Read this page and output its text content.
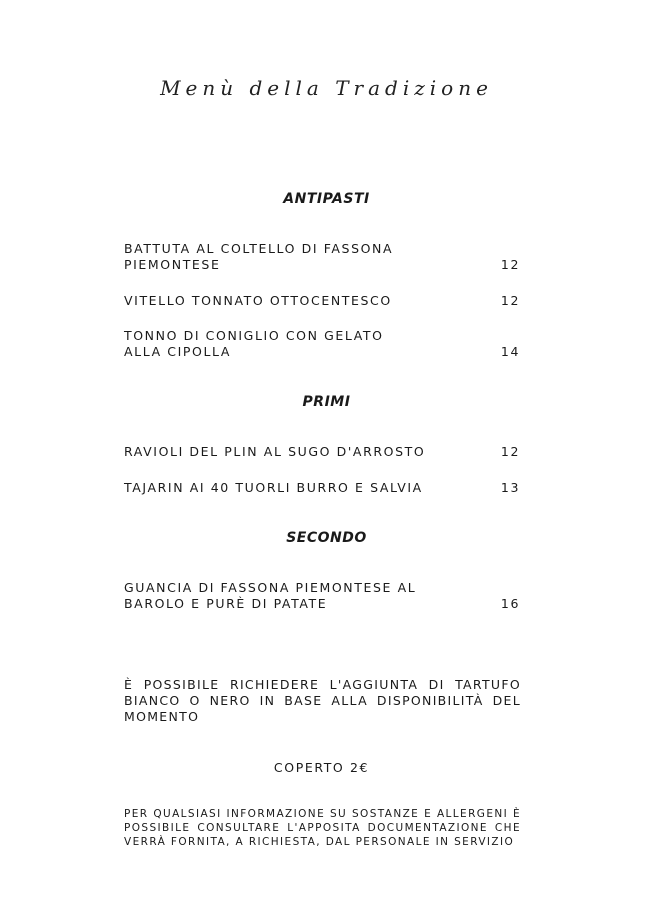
Menù della Tradizione
ANTIPASTI
BATTUTA AL COLTELLO DI FASSONA PIEMONTESE	12
VITELLO TONNATO OTTOCENTESCO	12
TONNO DI CONIGLIO CON GELATO ALLA CIPOLLA	14
PRIMI
RAVIOLI DEL PLIN AL SUGO D'ARROSTO	12
TAJARIN AI 40 TUORLI BURRO E SALVIA	13
SECONDO
GUANCIA DI FASSONA PIEMONTESE AL BAROLO E PURÈ DI PATATE	16
È POSSIBILE RICHIEDERE L'AGGIUNTA DI TARTUFO BIANCO O NERO IN BASE ALLA DISPONIBILITÀ DEL MOMENTO
COPERTO 2€
PER QUALSIASI INFORMAZIONE SU SOSTANZE E ALLERGENI È POSSIBILE CONSULTARE L'APPOSITA DOCUMENTAZIONE CHE VERRÀ FORNITA, A RICHIESTA, DAL PERSONALE IN SERVIZIO
